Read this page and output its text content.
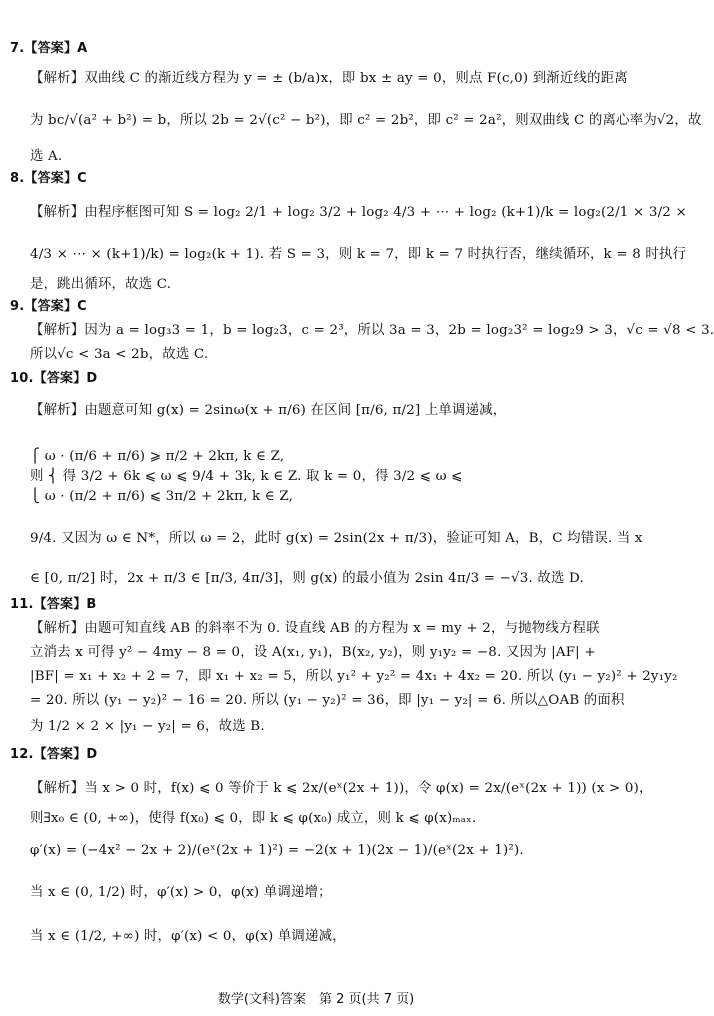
7.【答案】A
【解析】双曲线 C 的渐近线方程为 y = ± (b/a)x，即 bx ± ay = 0，则点 F(c,0) 到渐近线的距离
为 bc/√(a² + b²) = b，所以 2b = 2√(c² − b²)，即 c² = 2b²，即 c² = 2a²，则双曲线 C 的离心率为√2，故
选 A.
8.【答案】C
【解析】由程序框图可知 S = log₂ 2/1 + log₂ 3/2 + log₂ 4/3 + ⋯ + log₂ (k+1)/k = log₂(2/1 × 3/2 ×
4/3 × ⋯ × (k+1)/k) = log₂(k + 1). 若 S = 3，则 k = 7，即 k = 7 时执行否，继续循环，k = 8 时执行
是，跳出循环，故选 C.
9.【答案】C
【解析】因为 a = log₃3 = 1，b = log₂3，c = 2³，所以 3a = 3，2b = log₂3² = log₂9 > 3，√c = √8 < 3.
所以√c < 3a < 2b，故选 C.
10.【答案】D
【解析】由题意可知 g(x) = 2sinω(x + π/6) 在区间 [π/6, π/2] 上单调递减，
⎧ ω · (π/6 + π/6) ⩾ π/2 + 2kπ, k ∈ Z,
则 ⎨ 得 3/2 + 6k ⩽ ω ⩽ 9/4 + 3k, k ∈ Z. 取 k = 0，得 3/2 ⩽ ω ⩽
⎩ ω · (π/2 + π/6) ⩽ 3π/2 + 2kπ, k ∈ Z,
9/4. 又因为 ω ∈ N*，所以 ω = 2，此时 g(x) = 2sin(2x + π/3)，验证可知 A，B，C 均错误. 当 x
∈ [0, π/2] 时，2x + π/3 ∈ [π/3, 4π/3]，则 g(x) 的最小值为 2sin 4π/3 = −√3. 故选 D.
11.【答案】B
【解析】由题可知直线 AB 的斜率不为 0. 设直线 AB 的方程为 x = my + 2，与抛物线方程联
立消去 x 可得 y² − 4my − 8 = 0，设 A(x₁, y₁)，B(x₂, y₂)，则 y₁y₂ = −8. 又因为 |AF| +
|BF| = x₁ + x₂ + 2 = 7，即 x₁ + x₂ = 5，所以 y₁² + y₂² = 4x₁ + 4x₂ = 20. 所以 (y₁ − y₂)² + 2y₁y₂
= 20. 所以 (y₁ − y₂)² − 16 = 20. 所以 (y₁ − y₂)² = 36，即 |y₁ − y₂| = 6. 所以△OAB 的面积
为 1/2 × 2 × |y₁ − y₂| = 6，故选 B.
12.【答案】D
【解析】当 x > 0 时，f(x) ⩽ 0 等价于 k ⩽ 2x/(eˣ(2x + 1))，令 φ(x) = 2x/(eˣ(2x + 1)) (x > 0)，
则∃x₀ ∈ (0, +∞)，使得 f(x₀) ⩽ 0，即 k ⩽ φ(x₀) 成立，则 k ⩽ φ(x)ₘₐₓ.
φ′(x) = (−4x² − 2x + 2)/(eˣ(2x + 1)²) = −2(x + 1)(2x − 1)/(eˣ(2x + 1)²).
当 x ∈ (0, 1/2) 时，φ′(x) > 0，φ(x) 单调递增；
当 x ∈ (1/2, +∞) 时，φ′(x) < 0，φ(x) 单调递减，
数学(文科)答案　第 2 页(共 7 页)
